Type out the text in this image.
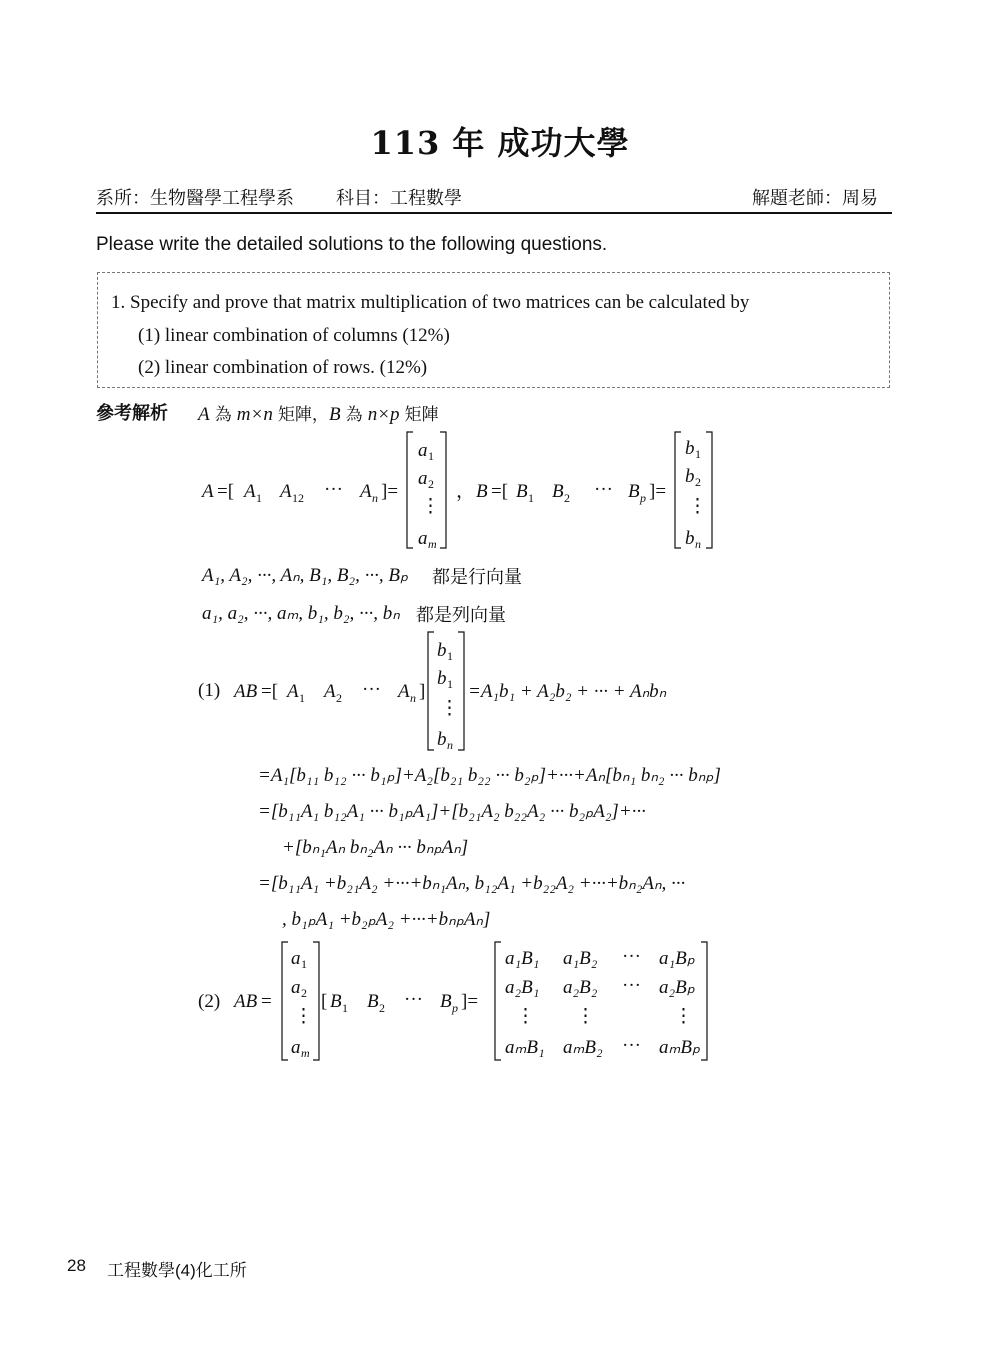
113 年 成功大學
系所：生物醫學工程學系 科目：工程數學	解題老師：周易
Please write the detailed solutions to the following questions.
1. Specify and prove that matrix multiplication of two matrices can be calculated by
(1) linear combination of columns (12%)
(2) linear combination of rows. (12%)
參考解析 A 為 m×n 矩陣，B 為 n×p 矩陣
都是行向量
都是列向量
(1)
(2)
A =[ A 1 A 12 ··· A n ]=
a 1
a 2
⋮
a m
， B =[ B 1 B 2 ··· B p ]=
b 1
b 2
⋮
b n
A₁, A₂, ···, Aₙ, B₁, B₂, ···, Bₚ
a₁, a₂, ···, aₘ, b₁, b₂, ···, bₙ
AB =[ A 1 A 2 ··· A n ]
b 1
b 1
⋮
b n
=A₁b₁ + A₂b₂ + ··· + Aₙbₙ
=A₁[b₁₁ b₁₂ ··· b₁ₚ]+A₂[b₂₁ b₂₂ ··· b₂ₚ]+···+Aₙ[bₙ₁ bₙ₂ ··· bₙₚ]
=[b₁₁A₁ b₁₂A₁ ··· b₁ₚA₁]+[b₂₁A₂ b₂₂A₂ ··· b₂ₚA₂]+···
+[bₙ₁Aₙ bₙ₂Aₙ ··· bₙₚAₙ]
=[b₁₁A₁ +b₂₁A₂ +···+bₙ₁Aₙ, b₁₂A₁ +b₂₂A₂ +···+bₙ₂Aₙ, ···
, b₁ₚA₁ +b₂ₚA₂ +···+bₙₚAₙ]
AB =
a 1
a 2
⋮
a m
[ B 1 B 2 ··· B p ]=
a₁B₁ a₁B₂ ··· a₁Bₚ
a₂B₁ a₂B₂ ··· a₂Bₚ
⋮ ⋮	⋮
aₘB₁ aₘB₂ ··· aₘBₚ
28 工程數學(4)化工所
